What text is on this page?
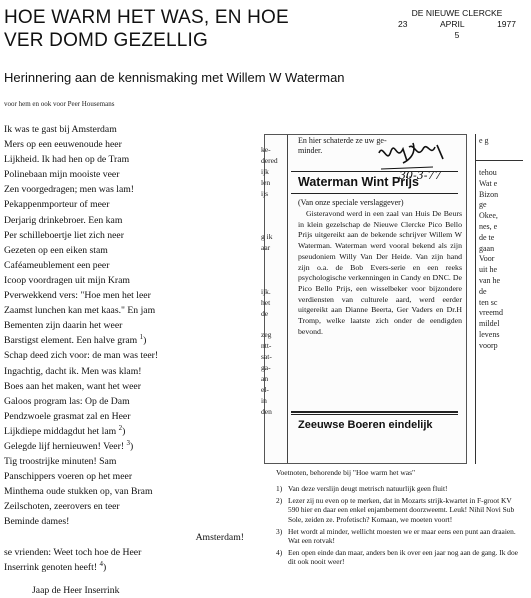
HOE WARM HET WAS, EN HOE VER DOMD GEZELLIG
DE NIEUWE CLERCKE
23	APRIL	1977
5
Herinnering aan de kennismaking met Willem W Waterman
voor hem en ook voor Peer Housemans
Ik was te gast bij Amsterdam
Mers op een eeuwenoude heer
Lijkheid. Ik had hen op de Tram
Polinebaan mijn mooiste veer
Zen voorgedragen; men was lam!
Pekappenmporteur of meer
Derjarig drinkebroer. Een kam
Per schilleboertje liet zich neer
Gezeten op een eiken stam
Caféameublement een peer
Icoop voordragen uit mijn Kram
Pverwekkend vers: "Hoe men het leer
Zaamst lunchen kan met kaas." En jam
Bementen zijn daarin het weer
Barstigst element. Een halve gram $^1$)
Schap deed zich voor: de man was teer!
Ingachtig, dacht ik. Men was klam!
Boes aan het maken, want het weer
Galoos program las: Op de Dam
Pendzwoele grasmat zal en Heer
Lijkdiepe middagdut het lam $^2$)
Gelegde lijf hernieuwen! Veer! $^3$)
Tig troostrijke minuten! Sam
Panschippers voeren op het meer
Minthema oude stukken op, van Bram
Zeilschoten, zeerovers en teer
Beminde dames!
Amsterdam!
se vrienden: Weet toch hoe de Heer
Inserrink genoten heeft! $^4$)
Jaap de Heer Inserrink
ke-
dered
ijk
len
ijs

g ik
aar

ijk.
het
de

zeg
ntt-
sat-
ga-
an
el-
in
den
En hier schaterde ze uw ge- minder.
30-3-77
Waterman Wint Prijs
(Van onze speciale verslaggever)
Gisteravond werd in een zaal van Huis De Beurs in klein gezelschap de Nieuwe Clercke Pico Bello Prijs uitgereikt aan de bekende schrijver Willem W Waterman. Waterman werd vooral bekend als zijn pseudoniem Willy Van Der Heide. Van zijn hand zijn o.a. de Bob Evers-serie en een reeks psychologische verkenningen in Candy en DNC. De Pico Bello Prijs, een wisselbeker voor bijzondere verdiensten van culturele aard, werd eerder uitgereikt aan Dianne Beerta, Ger Vaders en Dr.H Tromp, welke laatste zich onder de eendigden bevond.
Zeeuwse Boeren eindelijk
e g
tehou
Wat e
Bizon
ge
Okee,
nes, e
de te
gaan
Voor
uit he
van he
de
ten sc
vreemd
mildel
levens
voorp
Voetnoten, behorende bij "Hoe warm het was"
1) Van deze verslijn deugt metrisch natuurlijk geen fluit!
2) Lezer zij nu even op te merken, dat in Mozarts strijk-kwartet in F-groot KV 590 hier en daar een enkel enjambement doorzweemt. Leuk! Nihil Novi Sub Sole, zeiden ze. Profetisch? Komaan, we moeten voort!
3) Het wordt al minder, wellicht moesten we er maar eens een punt aan draaien. Wat een rotvak!
4) Een open einde dan maar, anders ben ik over een jaar nog aan de gang. Ik doe dit ook nooit weer!
